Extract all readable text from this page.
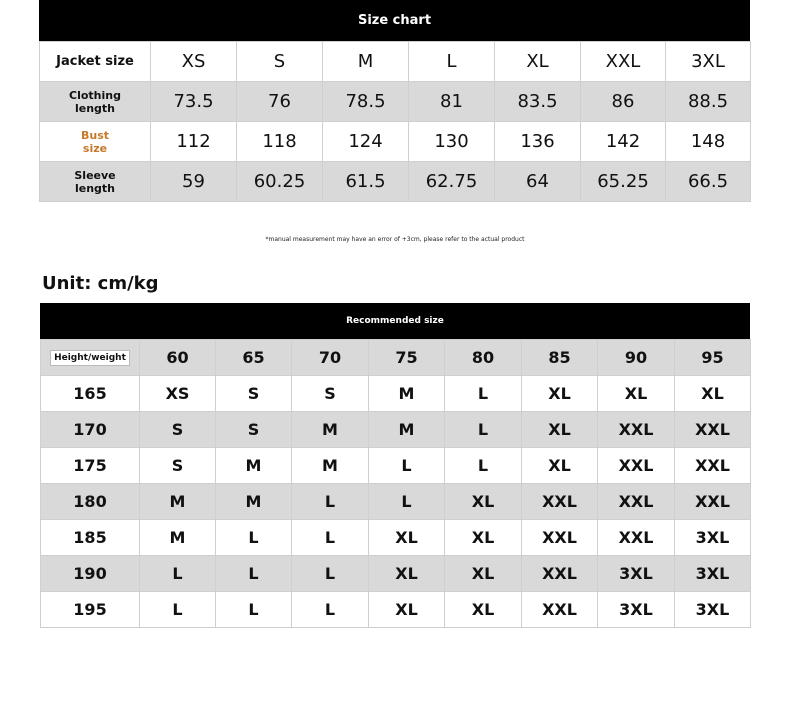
Size chart
Jacket size	XS	S	M	L	XL	XXL	3XL
Clothing
length	73.5	76	78.5	81	83.5	86	88.5
Bust
size	112	118	124	130	136	142	148
Sleeve
length	59	60.25	61.5	62.75	64	65.25	66.5
*manual measurement may have an error of +3cm, please refer to the actual product
Unit: cm/kg
Recommended size
Height/weight	60	65	70	75	80	85	90	95
165	XS	S	S	M	L	XL	XL	XL
170	S	S	M	M	L	XL	XXL	XXL
175	S	M	M	L	L	XL	XXL	XXL
180	M	M	L	L	XL	XXL	XXL	XXL
185	M	L	L	XL	XL	XXL	XXL	3XL
190	L	L	L	XL	XL	XXL	3XL	3XL
195	L	L	L	XL	XL	XXL	3XL	3XL
